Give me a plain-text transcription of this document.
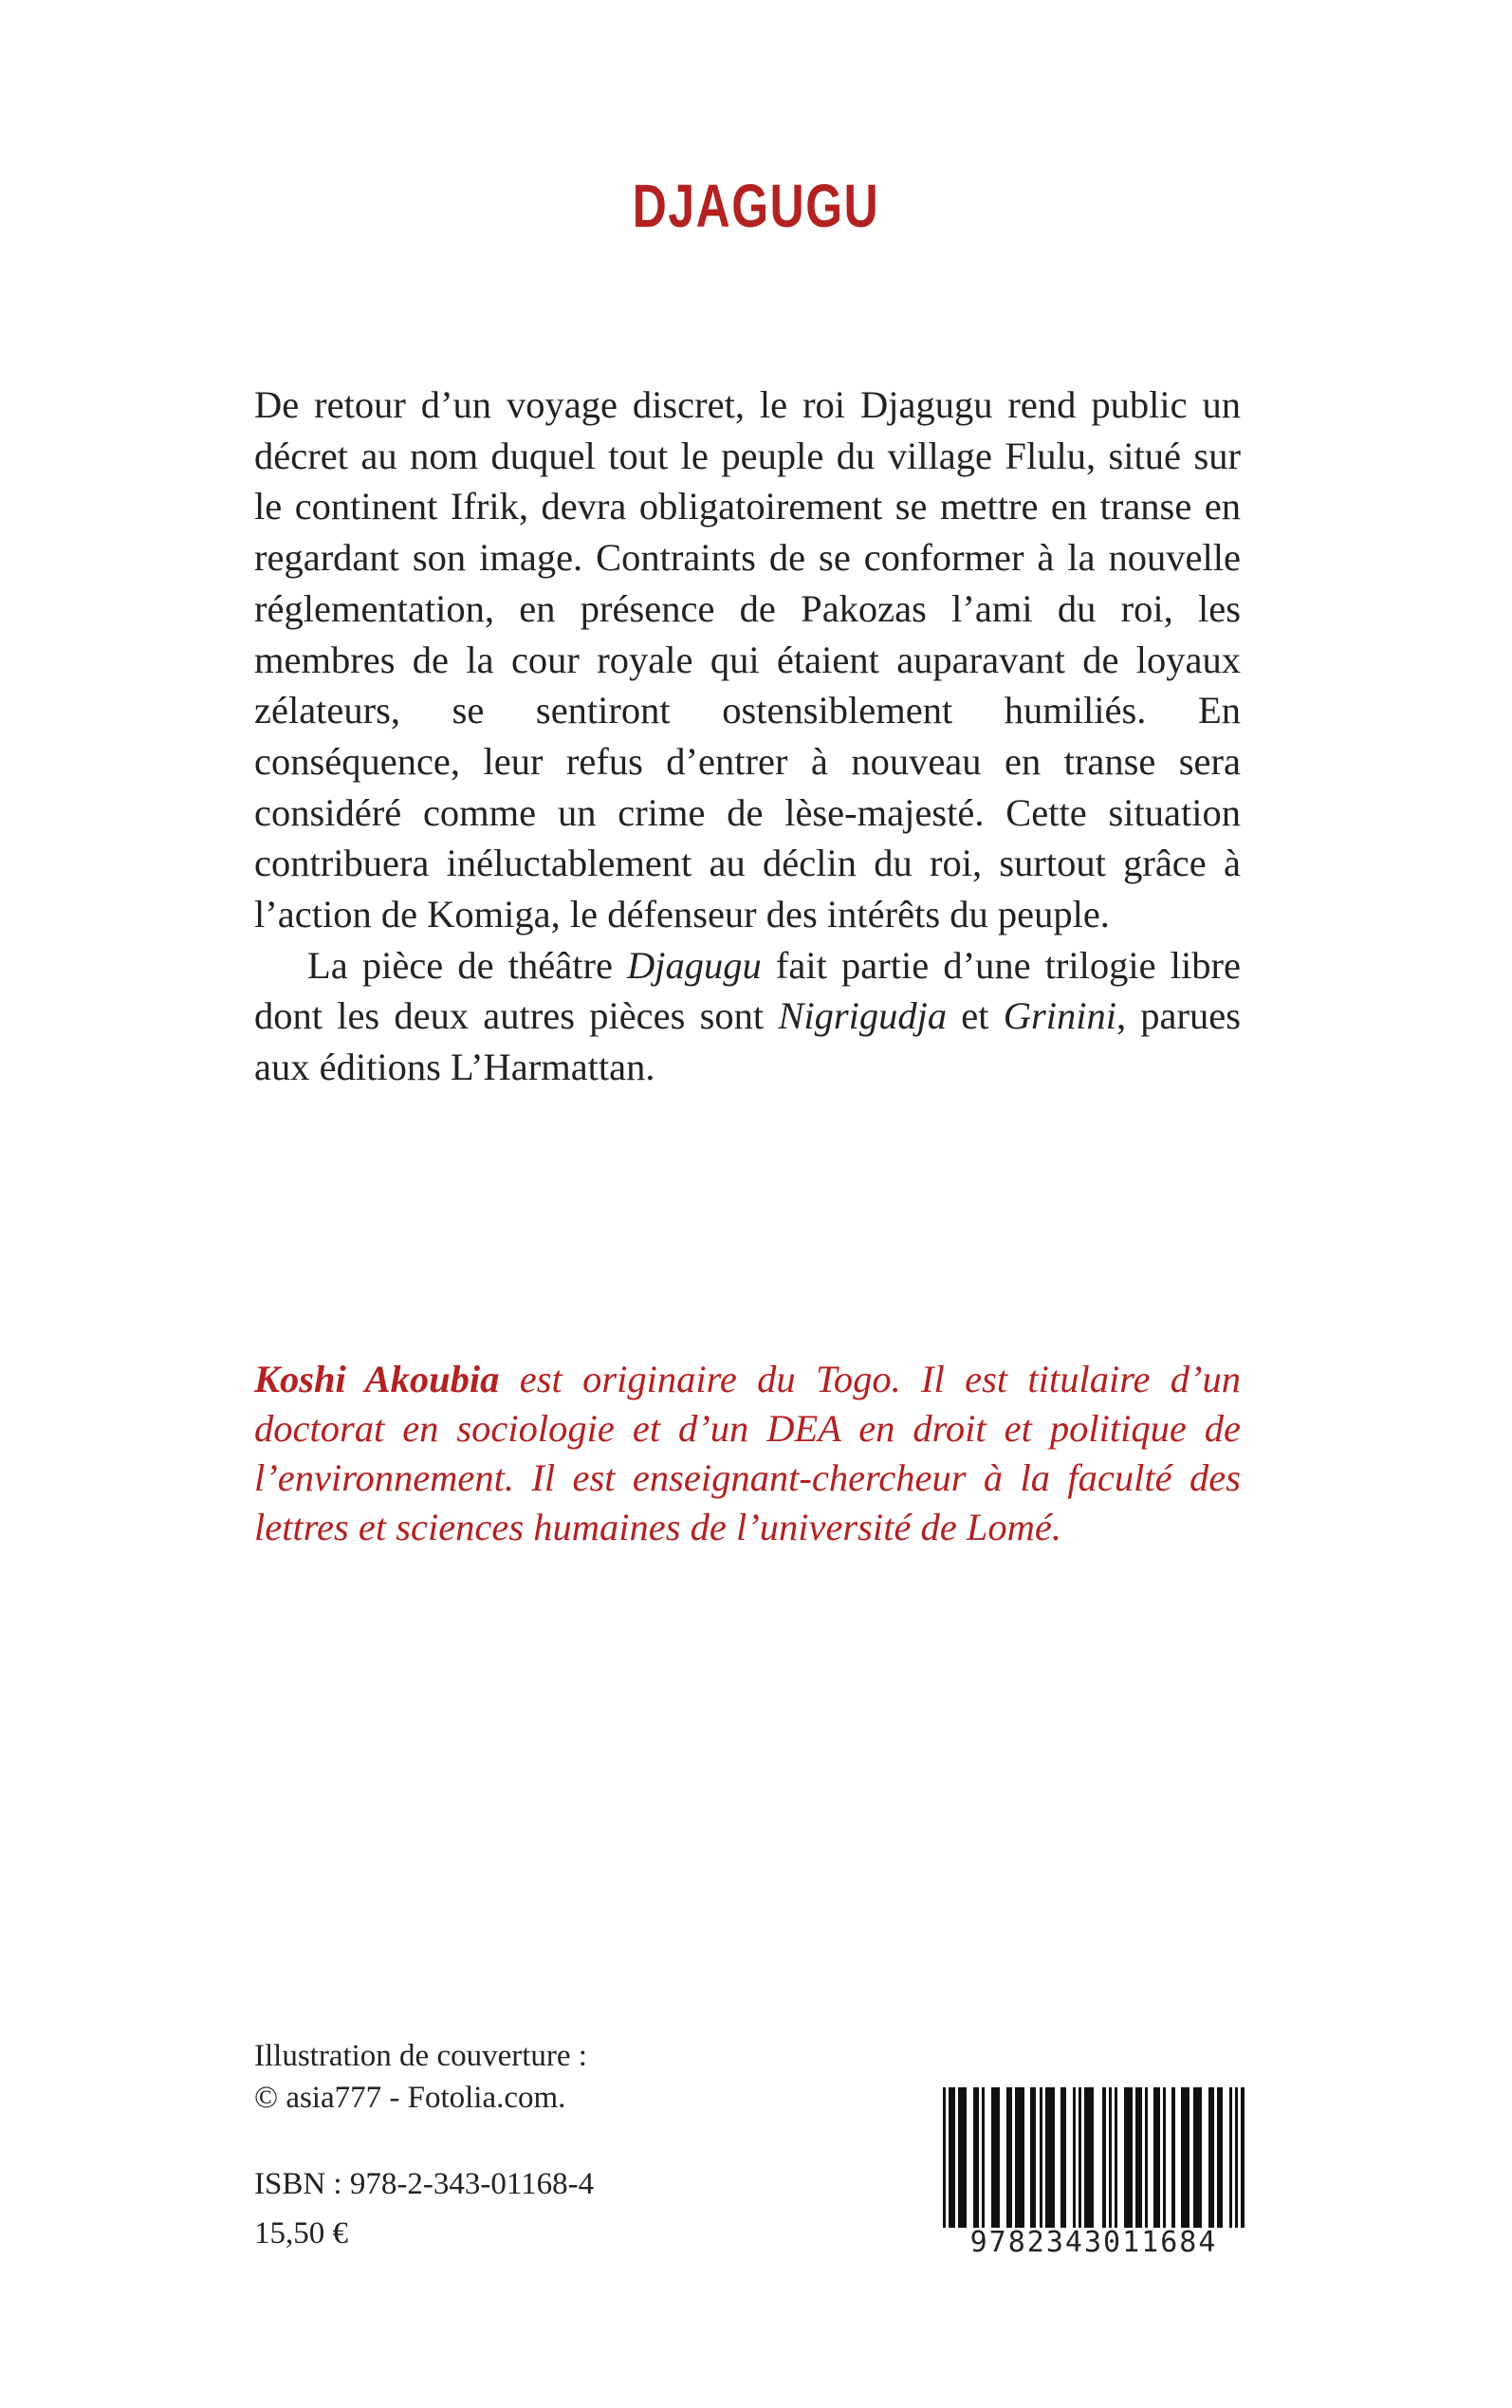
DJAGUGU

De retour d’un voyage discret, le roi Djagugu rend public un décret au nom duquel tout le peuple du village Flulu, situé sur le continent Ifrik, devra obligatoirement se mettre en transe en regardant son image. Contraints de se conformer à la nouvelle réglementation, en présence de Pakozas l’ami du roi, les membres de la cour royale qui étaient auparavant de loyaux zélateurs, se sentiront ostensiblement humiliés. En conséquence, leur refus d’entrer à nouveau en transe sera considéré comme un crime de lèse-majesté. Cette situation contribuera inéluctablement au déclin du roi, surtout grâce à l’action de Komiga, le défenseur des intérêts du peuple.

La pièce de théâtre Djagugu fait partie d’une trilogie libre dont les deux autres pièces sont Nigrigudja et Grinini, parues aux éditions L’Harmattan.

Koshi Akoubia est originaire du Togo. Il est titulaire d’un doctorat en sociologie et d’un DEA en droit et politique de l’environnement. Il est enseignant-chercheur à la faculté des lettres et sciences humaines de l’université de Lomé.

Illustration de couverture :
© asia777 - Fotolia.com.
ISBN : 978-2-343-01168-4
15,50 €	9782343011684
